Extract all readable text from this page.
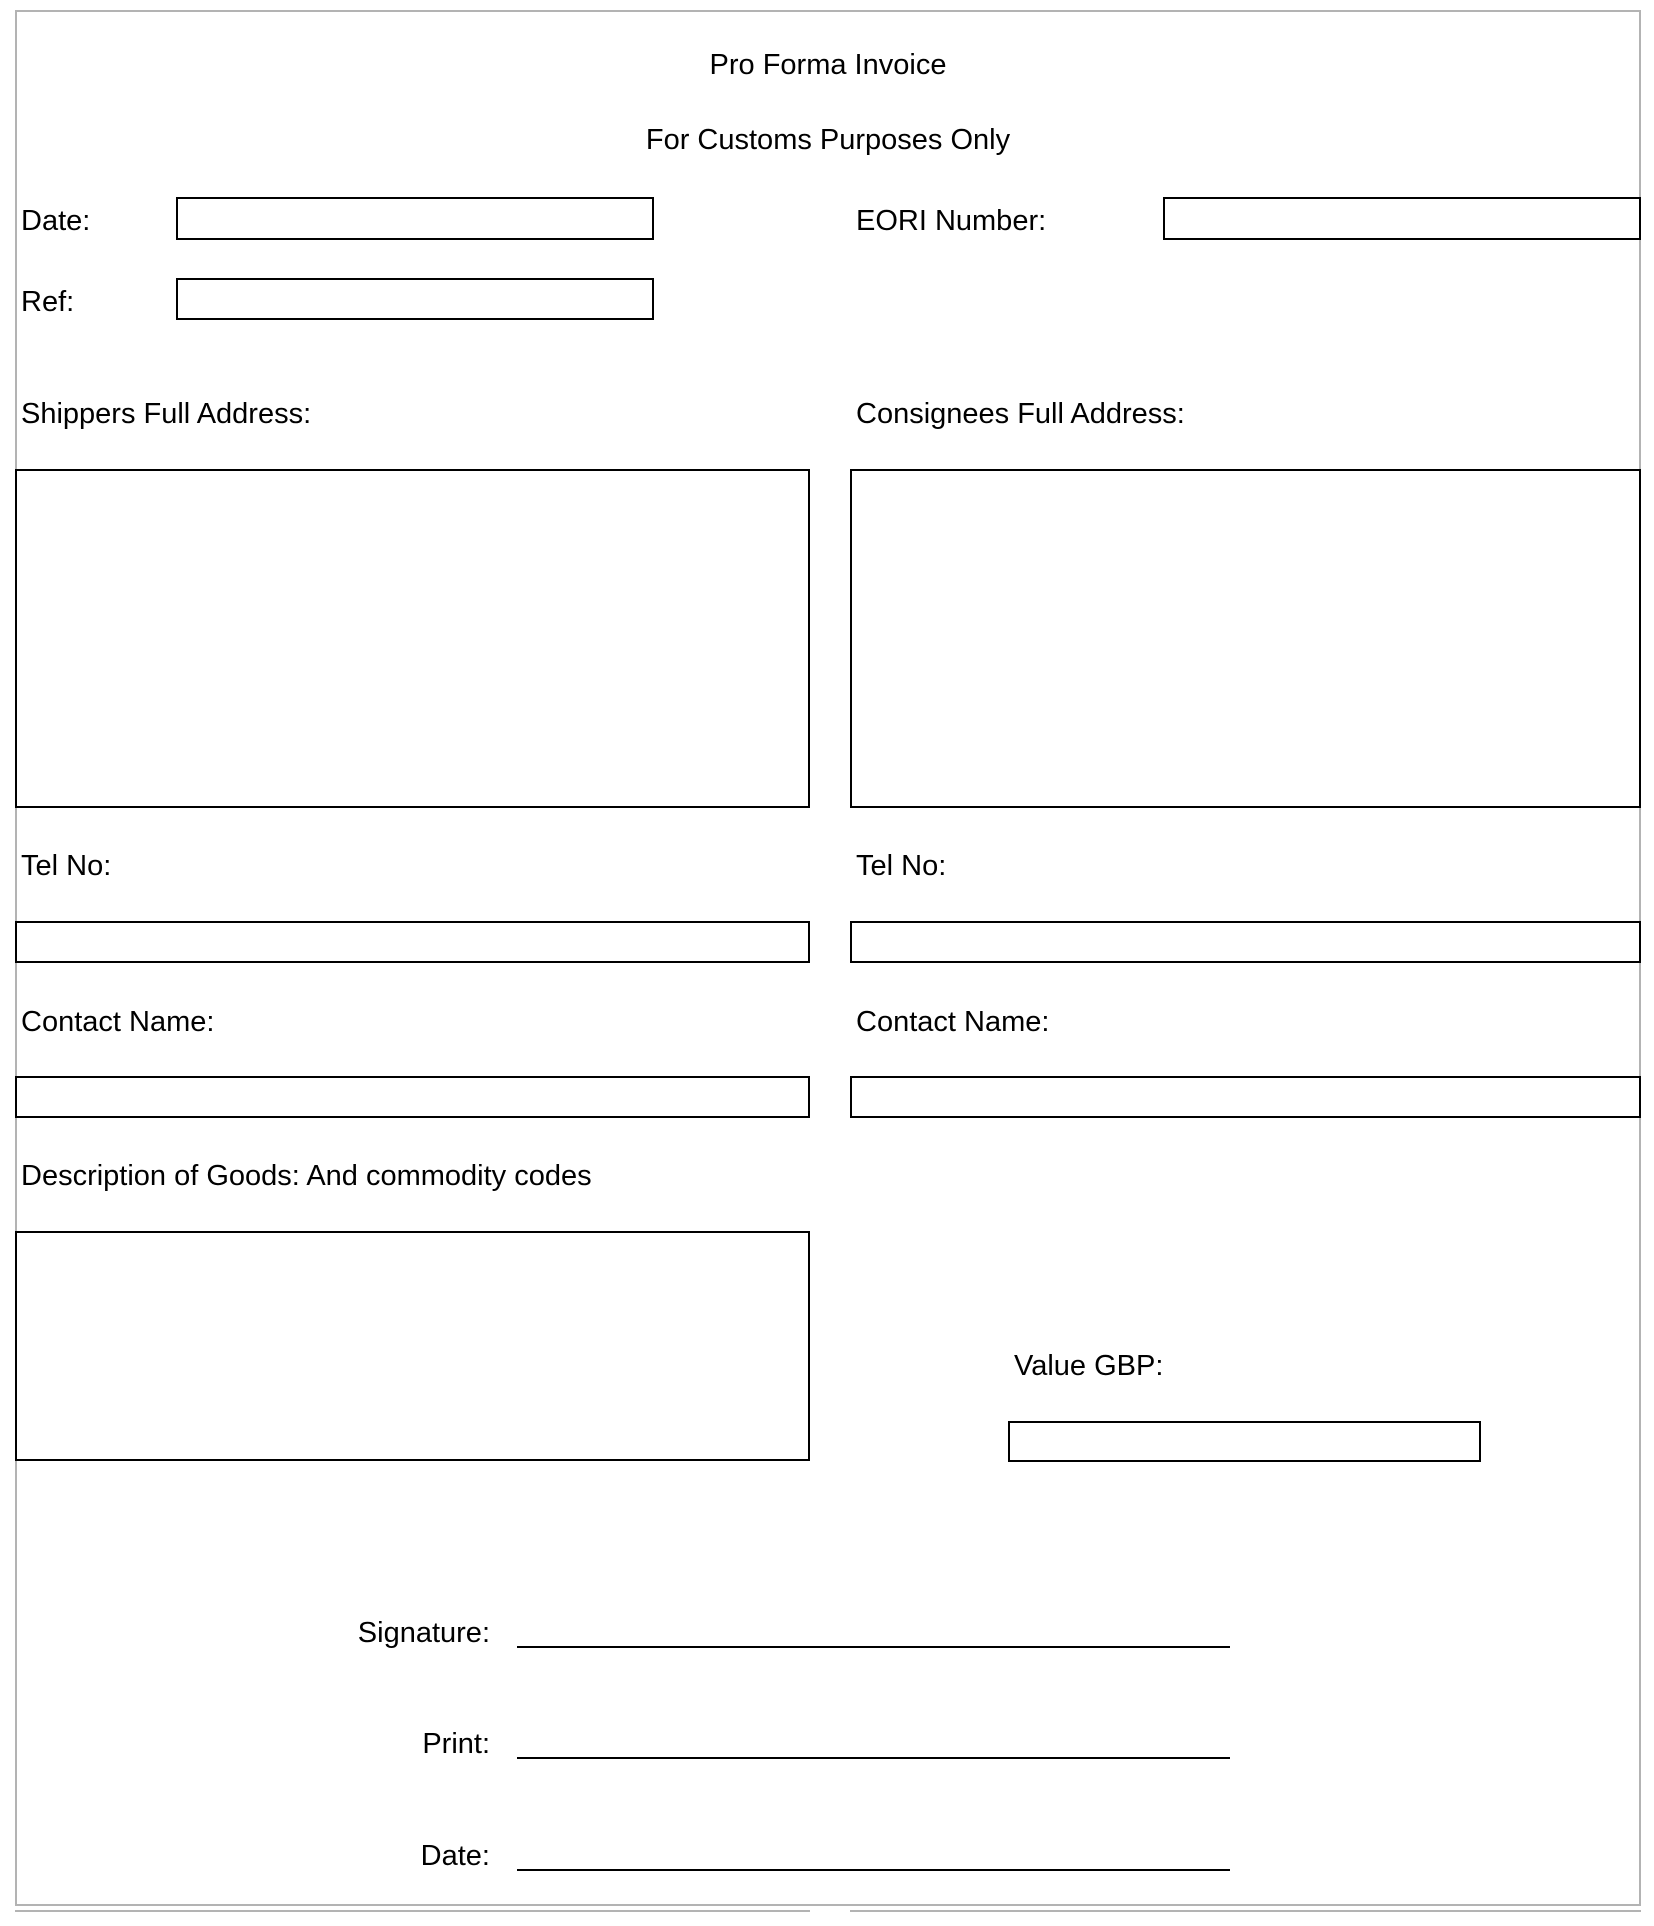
Pro Forma Invoice
For Customs Purposes Only
Date:
Ref:
EORI Number:
Shippers Full Address:	Consignees Full Address:
Tel No:	Tel No:
Contact Name:	Contact Name:
Description of Goods: And commodity codes
Value GBP:
Signature:
Print:
Date:
